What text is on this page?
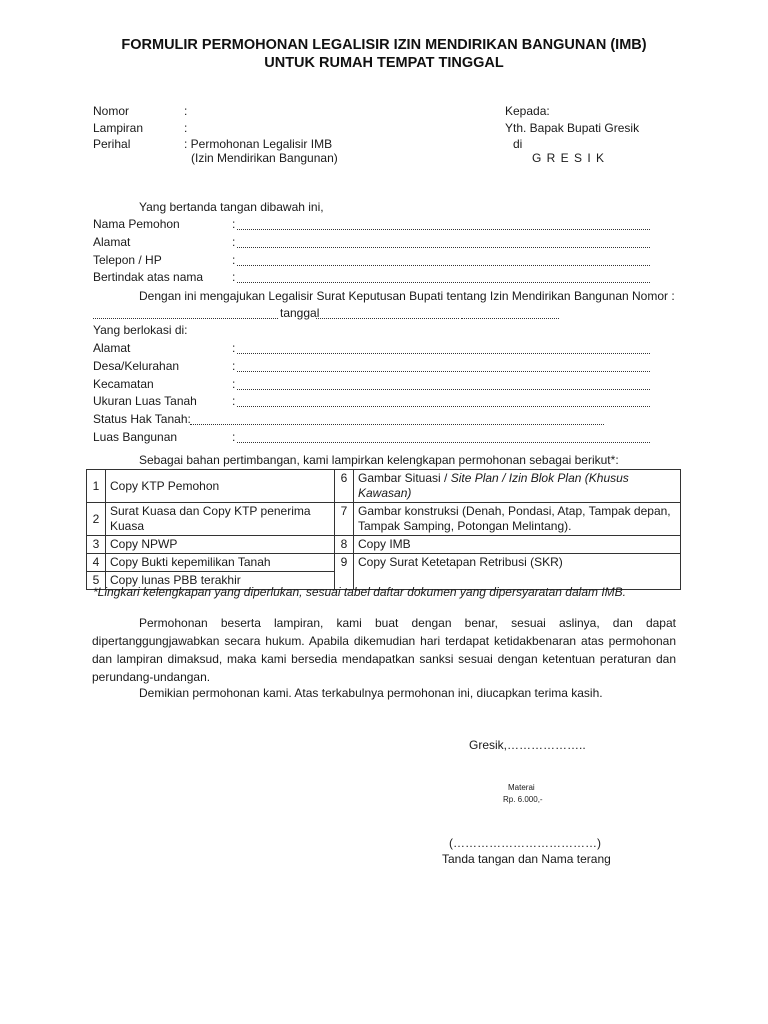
FORMULIR PERMOHONAN LEGALISIR IZIN MENDIRIKAN BANGUNAN (IMB)
UNTUK RUMAH TEMPAT TINGGAL
Nomor	:
Lampiran	:
Perihal	: Permohonan Legalisir IMB
(Izin Mendirikan Bangunan)
Kepada:
Yth. Bapak Bupati Gresik
di
G R E S I K
Yang bertanda tangan dibawah ini,
Nama Pemohon	:
Alamat	:
Telepon / HP	:
Bertindak atas nama :
Dengan ini mengajukan Legalisir Surat Keputusan Bupati tentang Izin Mendirikan Bangunan Nomor :
tanggal
Yang berlokasi di:
Alamat	:
Desa/Kelurahan	:
Kecamatan	:
Ukuran Luas Tanah	:
Status Hak Tanah:
Luas Bangunan	:
Sebagai bahan pertimbangan, kami lampirkan kelengkapan permohonan sebagai berikut*:
1	Copy KTP Pemohon	6	Gambar Situasi / Site Plan / Izin Blok Plan (Khusus Kawasan)
2	Surat Kuasa dan Copy KTP penerima Kuasa	7	Gambar konstruksi (Denah, Pondasi, Atap, Tampak depan, Tampak Samping, Potongan Melintang).
3	Copy NPWP	8	Copy IMB
4	Copy Bukti kepemilikan Tanah	9	Copy Surat Ketetapan Retribusi (SKR)
5	Copy lunas PBB terakhir		
*Lingkari kelengkapan yang diperlukan, sesuai tabel daftar dokumen yang dipersyaratan dalam IMB.
Permohonan beserta lampiran, kami buat dengan benar, sesuai aslinya, dan dapat dipertanggungjawabkan secara hukum. Apabila dikemudian hari terdapat ketidakbenaran atas permohonan dan lampiran dimaksud, maka kami bersedia mendapatkan sanksi sesuai dengan ketentuan peraturan dan perundang-undangan.
Demikian permohonan kami. Atas terkabulnya permohonan ini, diucapkan terima kasih.
Gresik,………………..
Materai
Rp. 6.000,-
(………………………………)
Tanda tangan dan Nama terang
